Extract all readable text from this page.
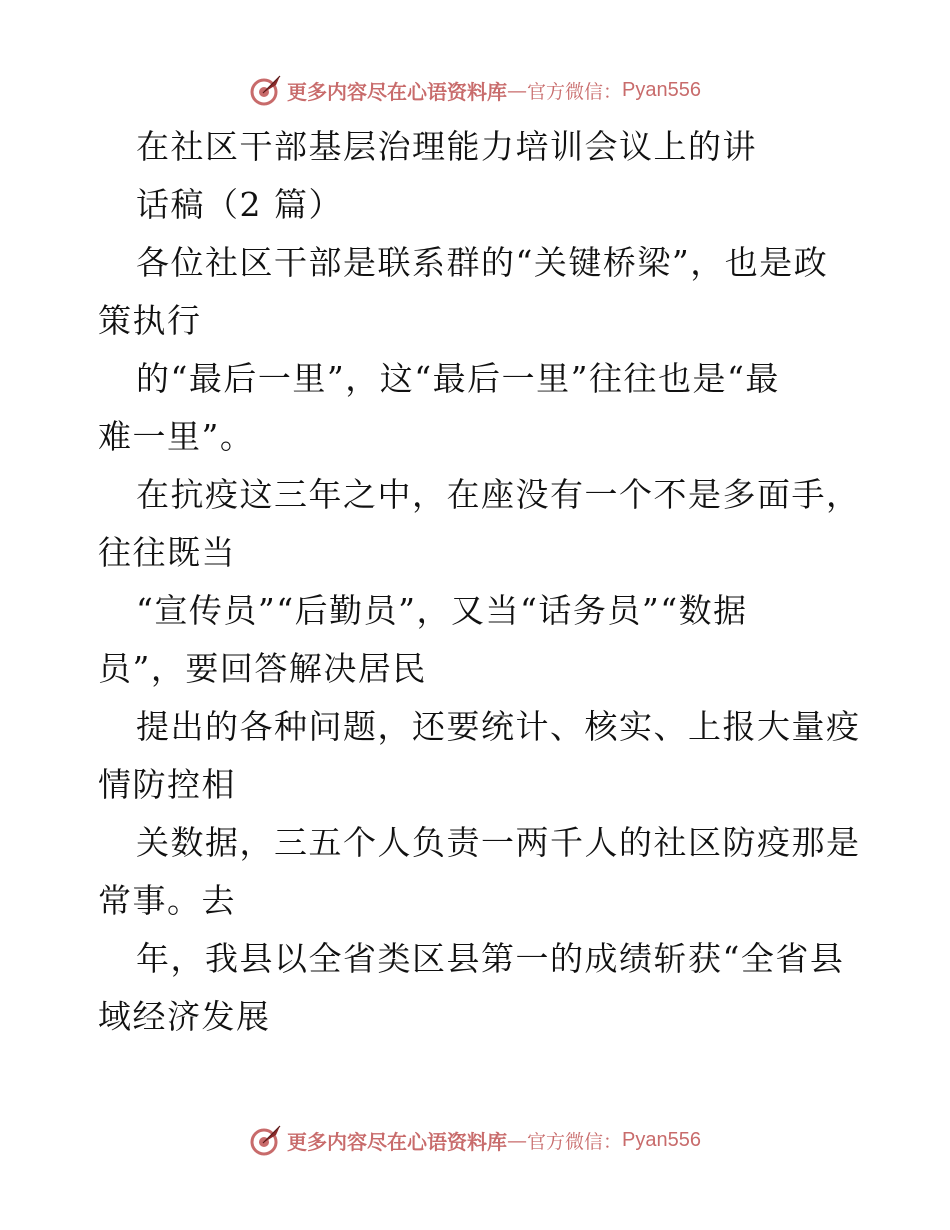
更多内容尽在心语资料库 — 官方微信： Pyan556
在社区干部基层治理能力培训会议上的讲
话稿（2 篇）
各位社区干部是联系群的“关键桥梁”，也是政
策执行
的“最后一里”，这“最后一里”往往也是“最
难一里”。
在抗疫这三年之中，在座没有一个不是多面手，
往往既当
“宣传员”“后勤员”，又当“话务员”“数据
员”，要回答解决居民
提出的各种问题，还要统计、核实、上报大量疫
情防控相
关数据，三五个人负责一两千人的社区防疫那是
常事。去
年，我县以全省类区县第一的成绩斩获“全省县
域经济发展
更多内容尽在心语资料库 — 官方微信： Pyan556
